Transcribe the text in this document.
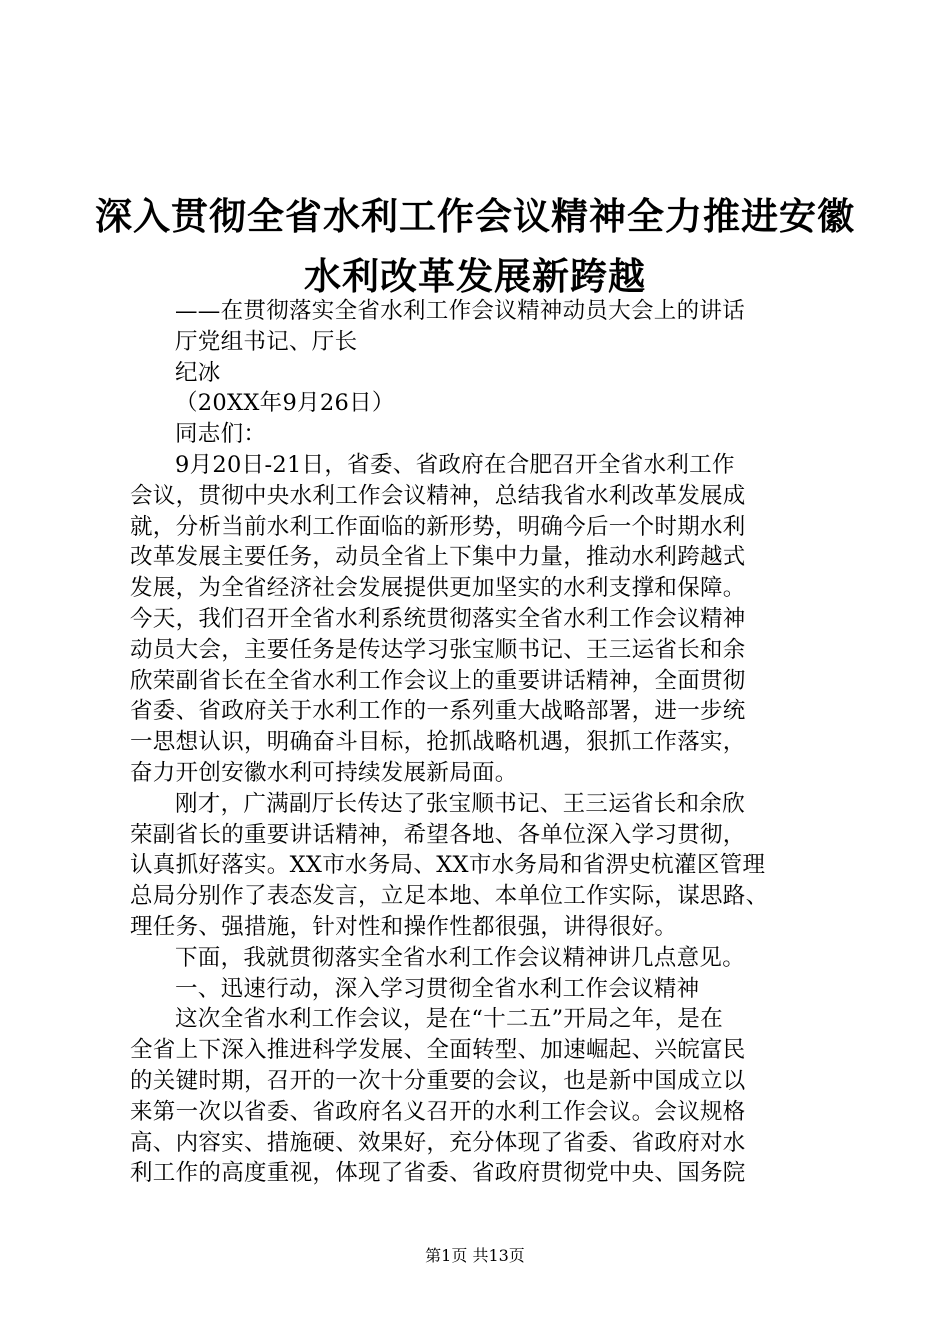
深入贯彻全省水利工作会议精神全力推进安徽
水利改革发展新跨越
——在贯彻落实全省水利工作会议精神动员大会上的讲话
厅党组书记、厅长
纪冰
（20XX年9月26日）
同志们：
9月20日-21日，省委、省政府在合肥召开全省水利工作
会议，贯彻中央水利工作会议精神，总结我省水利改革发展成
就，分析当前水利工作面临的新形势，明确今后一个时期水利
改革发展主要任务，动员全省上下集中力量，推动水利跨越式
发展，为全省经济社会发展提供更加坚实的水利支撑和保障。
今天，我们召开全省水利系统贯彻落实全省水利工作会议精神
动员大会，主要任务是传达学习张宝顺书记、王三运省长和余
欣荣副省长在全省水利工作会议上的重要讲话精神，全面贯彻
省委、省政府关于水利工作的一系列重大战略部署，进一步统
一思想认识，明确奋斗目标，抢抓战略机遇，狠抓工作落实，
奋力开创安徽水利可持续发展新局面。
刚才，广满副厅长传达了张宝顺书记、王三运省长和余欣
荣副省长的重要讲话精神，希望各地、各单位深入学习贯彻，
认真抓好落实。XX市水务局、XX市水务局和省淠史杭灌区管理
总局分别作了表态发言，立足本地、本单位工作实际，谋思路、
理任务、强措施，针对性和操作性都很强，讲得很好。
下面，我就贯彻落实全省水利工作会议精神讲几点意见。
一、迅速行动，深入学习贯彻全省水利工作会议精神
这次全省水利工作会议，是在“十二五”开局之年，是在
全省上下深入推进科学发展、全面转型、加速崛起、兴皖富民
的关键时期，召开的一次十分重要的会议，也是新中国成立以
来第一次以省委、省政府名义召开的水利工作会议。会议规格
高、内容实、措施硬、效果好，充分体现了省委、省政府对水
利工作的高度重视，体现了省委、省政府贯彻党中央、国务院
第1页 共13页
